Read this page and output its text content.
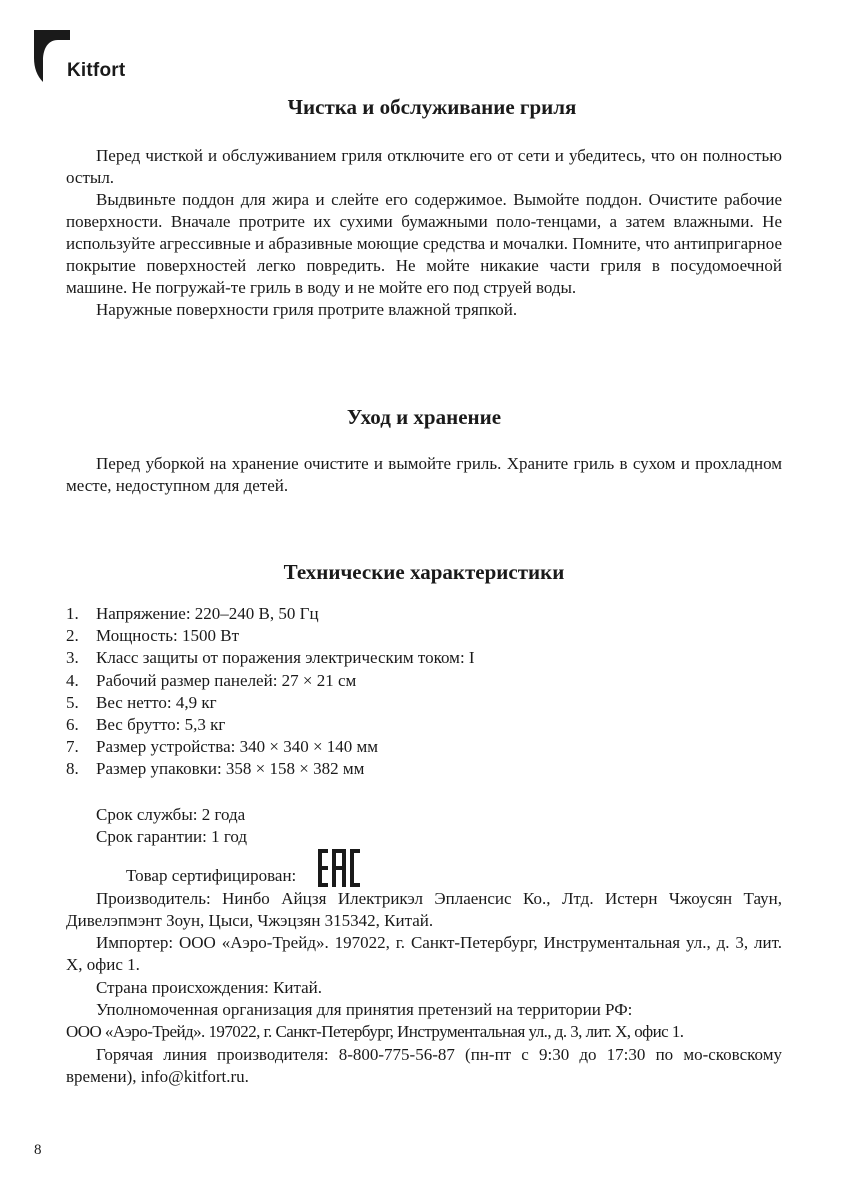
Kitfort
Чистка и обслуживание гриля

Перед чисткой и обслуживанием гриля отключите его от сети и убедитесь, что он полностью остыл.

Выдвиньте поддон для жира и слейте его содержимое. Вымойте поддон. Очистите рабочие поверхности. Вначале протрите их сухими бумажными поло-тенцами, а затем влажными. Не используйте агрессивные и абразивные моющие средства и мочалки. Помните, что антипригарное покрытие поверхностей легко повредить. Не мойте никакие части гриля в посудомоечной машине. Не погружай-те гриль в воду и не мойте его под струей воды.

Наружные поверхности гриля протрите влажной тряпкой.

Уход и хранение

Перед уборкой на хранение очистите и вымойте гриль. Храните гриль в сухом и прохладном месте, недоступном для детей.

Технические характеристики
1.	Напряжение: 220–240 В, 50 Гц
2.	Мощность: 1500 Вт
3.	Класс защиты от поражения электрическим током: I
4.	Рабочий размер панелей: 27 × 21 см
5.	Вес нетто: 4,9 кг
6.	Вес брутто: 5,3 кг
7.	Размер устройства: 340 × 340 × 140 мм
8.	Размер упаковки: 358 × 158 × 382 мм

Срок службы: 2 года

Срок гарантии: 1 год

Товар сертифицирован:

Производитель: Нинбо Айцзя Илектрикэл Эплаенсис Ко., Лтд. Истерн Чжоусян Таун, Дивелэпмэнт Зоун, Цыси, Чжэцзян 315342, Китай.

Импортер: ООО «Аэро-Трейд». 197022, г. Санкт-Петербург, Инструментальная ул., д. 3, лит. Х, офис 1.

Страна происхождения: Китай.

Уполномоченная организация для принятия претензий на территории РФ:

ООО «Аэро-Трейд». 197022, г. Санкт-Петербург, Инструментальная ул., д. 3, лит. Х, офис 1.

Горячая линия производителя: 8-800-775-56-87 (пн-пт с 9:30 до 17:30 по мо-сковскому времени), info@kitfort.ru.

8
